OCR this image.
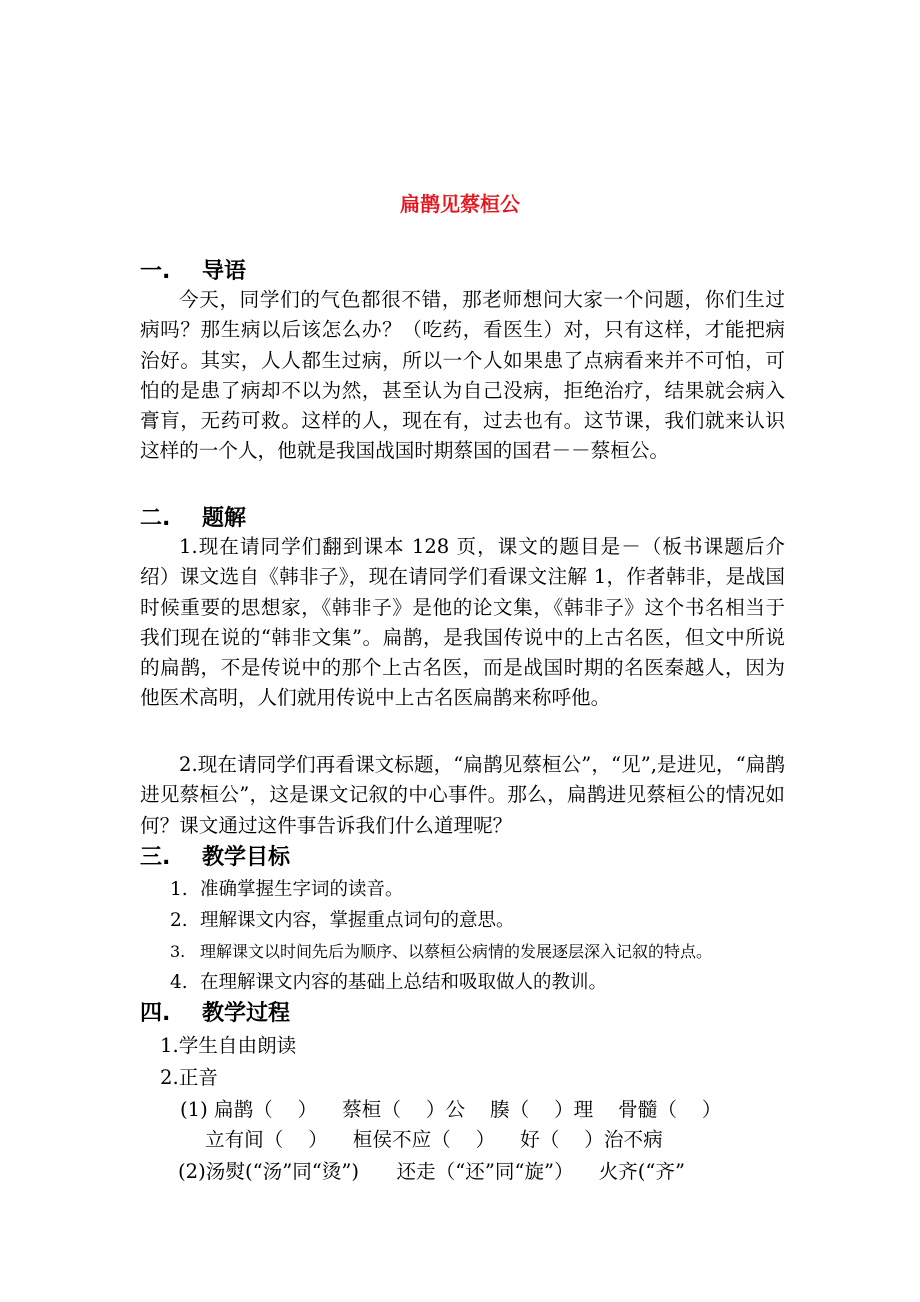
扁鹊见蔡桓公
一. 导语
今天，同学们的气色都很不错，那老师想问大家一个问题，你们生过病吗？那生病以后该怎么办？（吃药，看医生）对，只有这样，才能把病治好。其实，人人都生过病，所以一个人如果患了点病看来并不可怕，可怕的是患了病却不以为然，甚至认为自己没病，拒绝治疗，结果就会病入膏肓，无药可救。这样的人，现在有，过去也有。这节课，我们就来认识这样的一个人，他就是我国战国时期蔡国的国君－－蔡桓公。
二. 题解
1.现在请同学们翻到课本 128 页，课文的题目是－（板书课题后介绍）课文选自《韩非子》，现在请同学们看课文注解 1，作者韩非，是战国时候重要的思想家，《韩非子》是他的论文集，《韩非子》这个书名相当于我们现在说的“韩非文集”。扁鹊，是我国传说中的上古名医，但文中所说的扁鹊，不是传说中的那个上古名医，而是战国时期的名医秦越人，因为他医术高明，人们就用传说中上古名医扁鹊来称呼他。
2.现在请同学们再看课文标题，“扁鹊见蔡桓公”，“见”,是进见，“扁鹊进见蔡桓公”，这是课文记叙的中心事件。那么，扁鹊进见蔡桓公的情况如何？课文通过这件事告诉我们什么道理呢？
三. 教学目标
1. 准确掌握生字词的读音。
2. 理解课文内容，掌握重点词句的意思。
3. 理解课文以时间先后为顺序、以蔡桓公病情的发展逐层深入记叙的特点。
4. 在理解课文内容的基础上总结和吸取做人的教训。
四. 教学过程
1.学生自由朗读
2.正音
(1) 扁鹊（    ）    蔡桓（    ）公    腠（    ）理    骨髓（    ）
立有间（    ）    桓侯不应（    ）    好（    ）治不病
(2)汤熨(“汤”同“烫”)      还走（“还”同“旋”）    火齐(“齐”
